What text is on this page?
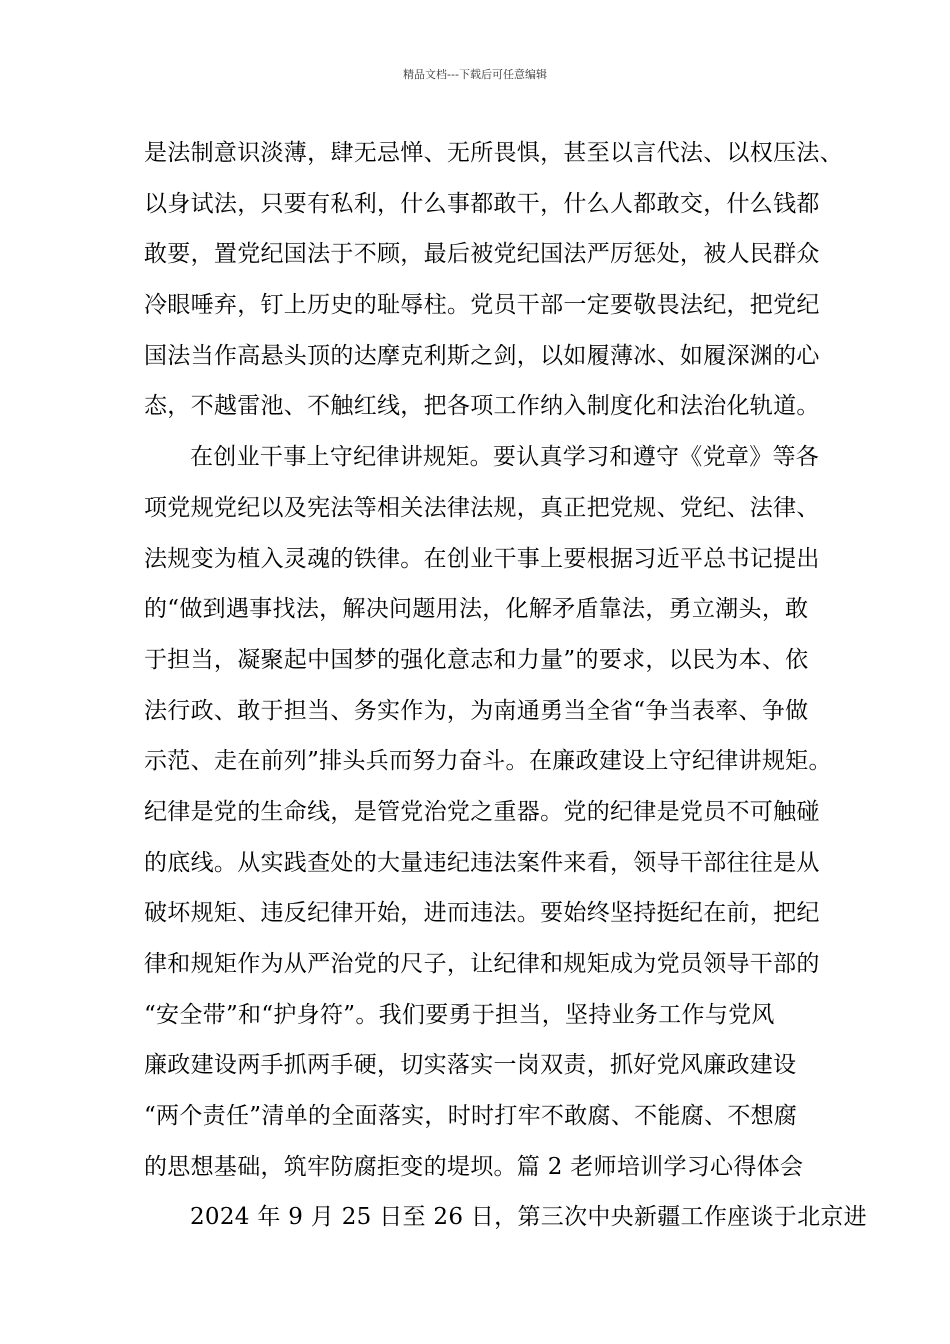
精品文档---下载后可任意编辑
是法制意识淡薄，肆无忌惮、无所畏惧，甚至以言代法、以权压法、
以身试法，只要有私利，什么事都敢干，什么人都敢交，什么钱都
敢要，置党纪国法于不顾，最后被党纪国法严厉惩处，被人民群众
冷眼唾弃，钉上历史的耻辱柱。党员干部一定要敬畏法纪，把党纪
国法当作高悬头顶的达摩克利斯之剑，以如履薄冰、如履深渊的心
态，不越雷池、不触红线，把各项工作纳入制度化和法治化轨道。
在创业干事上守纪律讲规矩。要认真学习和遵守《党章》等各
项党规党纪以及宪法等相关法律法规，真正把党规、党纪、法律、
法规变为植入灵魂的铁律。在创业干事上要根据习近平总书记提出
的“做到遇事找法，解决问题用法，化解矛盾靠法，勇立潮头，敢
于担当，凝聚起中国梦的强化意志和力量”的要求，以民为本、依
法行政、敢于担当、务实作为，为南通勇当全省“争当表率、争做
示范、走在前列”排头兵而努力奋斗。在廉政建设上守纪律讲规矩。
纪律是党的生命线，是管党治党之重器。党的纪律是党员不可触碰
的底线。从实践查处的大量违纪违法案件来看，领导干部往往是从
破坏规矩、违反纪律开始，进而违法。要始终坚持挺纪在前，把纪
律和规矩作为从严治党的尺子，让纪律和规矩成为党员领导干部的
“安全带”和“护身符”。我们要勇于担当，坚持业务工作与党风
廉政建设两手抓两手硬，切实落实一岗双责，抓好党风廉政建设
“两个责任”清单的全面落实，时时打牢不敢腐、不能腐、不想腐
的思想基础，筑牢防腐拒变的堤坝。篇 2 老师培训学习心得体会
2024 年 9 月 25 日至 26 日，第三次中央新疆工作座谈于北京进
